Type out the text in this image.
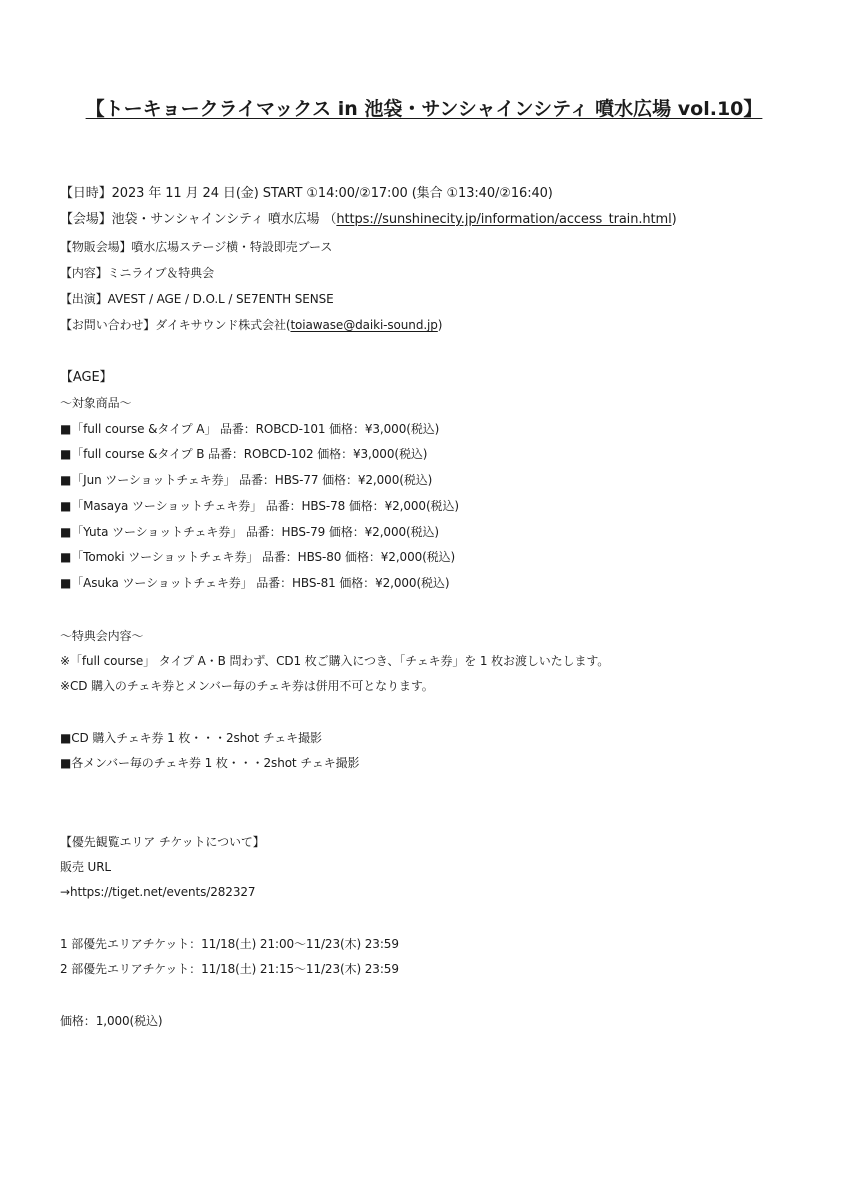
【トーキョークライマックス in 池袋・サンシャインシティ 噴水広場 vol.10】
【日時】2023 年 11 月 24 日(金) START ①14:00/②17:00 (集合 ①13:40/②16:40)
【会場】池袋・サンシャインシティ 噴水広場 （https://sunshinecity.jp/information/access_train.html)
【物販会場】噴水広場ステージ横・特設即売ブース
【内容】ミニライブ＆特典会
【出演】AVEST / AGE / D.O.L / SE7ENTH SENSE
【お問い合わせ】ダイキサウンド株式会社(toiawase@daiki-sound.jp)
【AGE】
～対象商品～
■「full course &タイプ A」 品番：ROBCD-101 価格：¥3,000(税込)
■「full course &タイプ B 品番：ROBCD-102 価格：¥3,000(税込)
■「Jun ツーショットチェキ券」 品番：HBS-77 価格：¥2,000(税込)
■「Masaya ツーショットチェキ券」 品番：HBS-78 価格：¥2,000(税込)
■「Yuta ツーショットチェキ券」 品番：HBS-79 価格：¥2,000(税込)
■「Tomoki ツーショットチェキ券」 品番：HBS-80 価格：¥2,000(税込)
■「Asuka ツーショットチェキ券」 品番：HBS-81 価格：¥2,000(税込)
～特典会内容～
※「full course」 タイプ A・B 問わず、CD1 枚ご購入につき、「チェキ券」を 1 枚お渡しいたします。
※CD 購入のチェキ券とメンバー毎のチェキ券は併用不可となります。
■CD 購入チェキ券 1 枚・・・2shot チェキ撮影
■各メンバー毎のチェキ券 1 枚・・・2shot チェキ撮影
【優先観覧エリア チケットについて】
販売 URL
→https://tiget.net/events/282327
1 部優先エリアチケット：11/18(土) 21:00～11/23(木) 23:59
2 部優先エリアチケット：11/18(土) 21:15～11/23(木) 23:59
価格：1,000(税込)
